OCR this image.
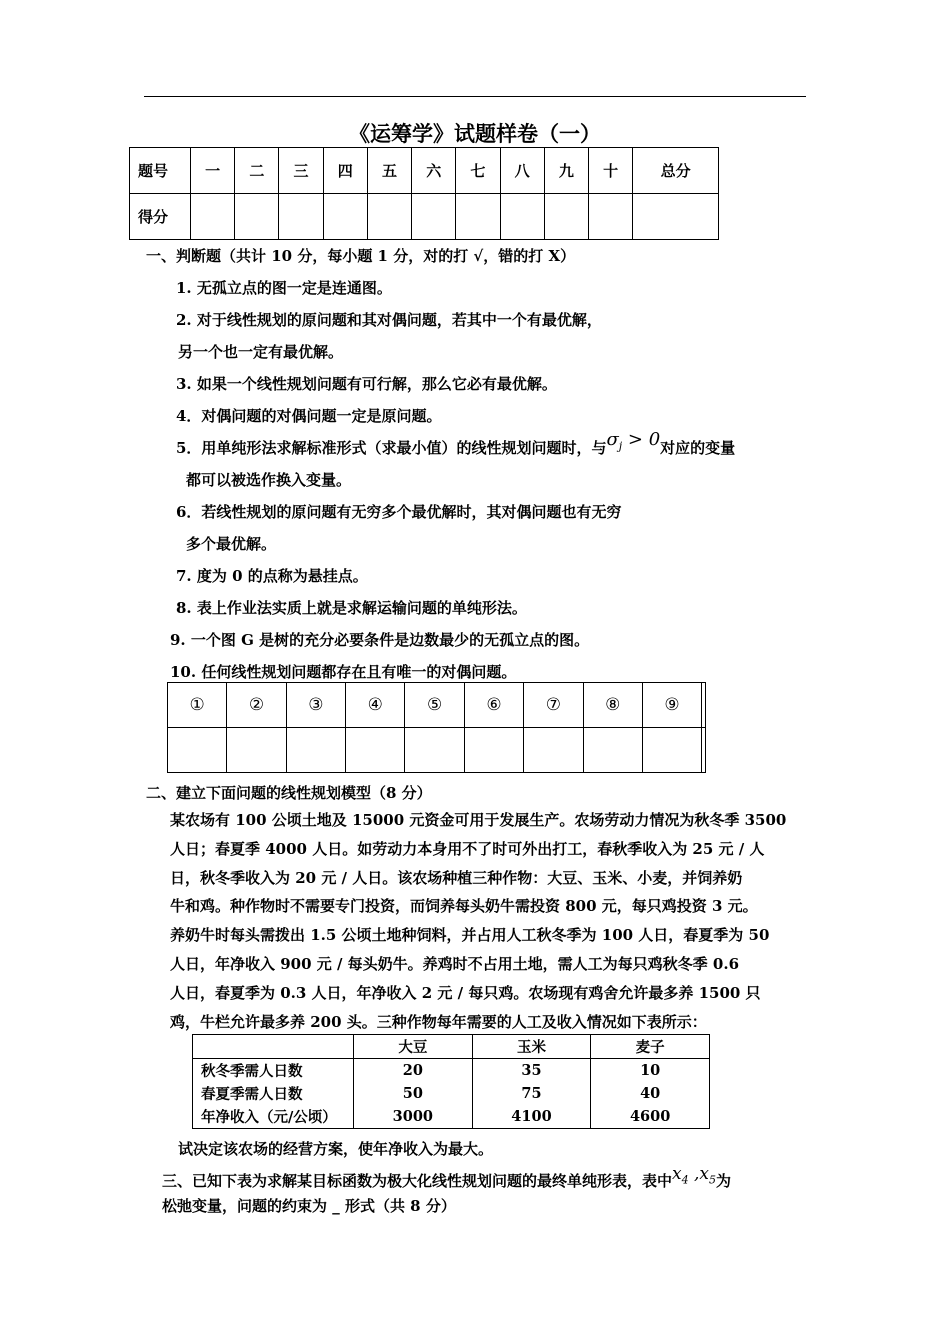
《运筹学》试题样卷（一）
题号	一	二	三	四	五	六	七	八	九	十	总分
得分											
一、判断题（共计 10 分，每小题 1 分，对的打 √，错的打 X）
1. 无孤立点的图一定是连通图。
2. 对于线性规划的原问题和其对偶问题，若其中一个有最优解，
另一个也一定有最优解。
3. 如果一个线性规划问题有可行解，那么它必有最优解。
4．对偶问题的对偶问题一定是原问题。
5．用单纯形法求解标准形式（求最小值）的线性规划问题时，与$\sigma_j > 0$对应的变量
都可以被选作换入变量。
6．若线性规划的原问题有无穷多个最优解时，其对偶问题也有无穷
多个最优解。
7. 度为 0 的点称为悬挂点。
8. 表上作业法实质上就是求解运输问题的单纯形法。
9. 一个图 G 是树的充分必要条件是边数最少的无孤立点的图。
10. 任何线性规划问题都存在且有唯一的对偶问题。
①	②	③	④	⑤	⑥	⑦	⑧	⑨	

二、建立下面问题的线性规划模型（8 分）
某农场有 100 公顷土地及 15000 元资金可用于发展生产。农场劳动力情况为秋冬季 3500
人日；春夏季 4000 人日。如劳动力本身用不了时可外出打工，春秋季收入为 25 元 / 人
日，秋冬季收入为 20 元 / 人日。该农场种植三种作物：大豆、玉米、小麦，并饲养奶
牛和鸡。种作物时不需要专门投资，而饲养每头奶牛需投资 800 元，每只鸡投资 3 元。
养奶牛时每头需拨出 1.5 公顷土地种饲料，并占用人工秋冬季为 100 人日，春夏季为 50
人日，年净收入 900 元 / 每头奶牛。养鸡时不占用土地，需人工为每只鸡秋冬季 0.6
人日，春夏季为 0.3 人日，年净收入 2 元 / 每只鸡。农场现有鸡舍允许最多养 1500 只
鸡，牛栏允许最多养 200 头。三种作物每年需要的人工及收入情况如下表所示：
	大豆	玉米	麦子
秋冬季需人日数	20	35	10
春夏季需人日数	50	75	40
年净收入（元/公顷）	3000	4100	4600
试决定该农场的经营方案，使年净收入为最大。
三、已知下表为求解某目标函数为极大化线性规划问题的最终单纯形表，表中$x_4$ $,x_5$为
松弛变量，问题的约束为 _ 形式（共 8 分）
